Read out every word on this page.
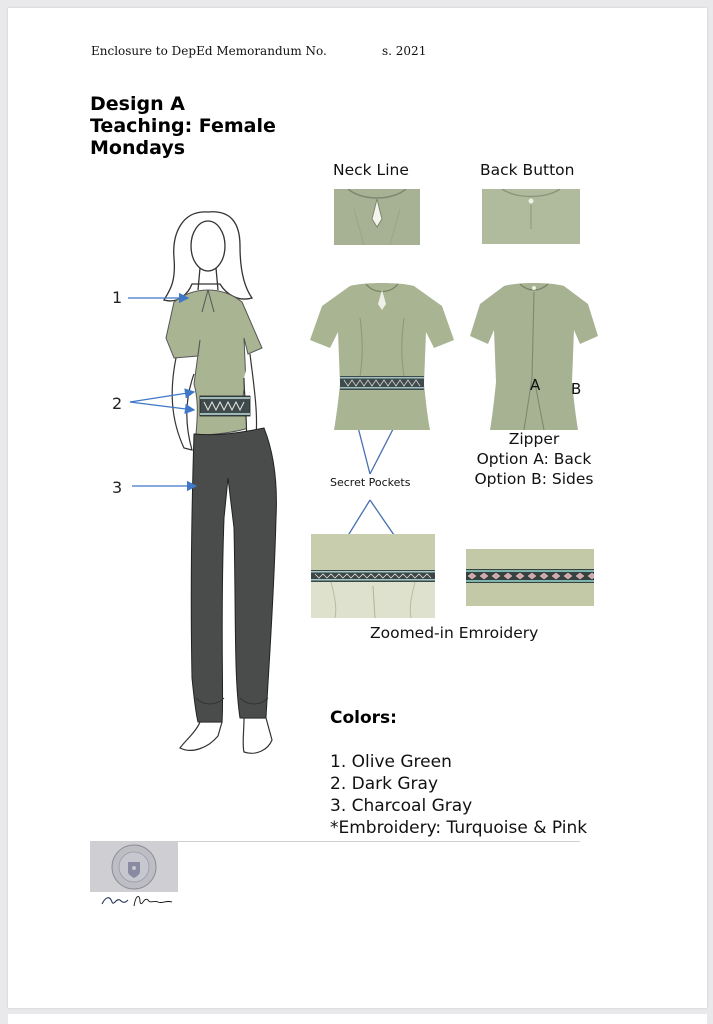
Enclosure to DepEd Memorandum No.	s. 2021
Design A
Teaching: Female
Mondays
1
2
3
Neck Line	Back Button
A B
Zipper
Option A: Back
Option B: Sides
Secret Pockets
Zoomed-in Emroidery
Colors:
1. Olive Green
2. Dark Gray
3. Charcoal Gray
*Embroidery: Turquoise & Pink
